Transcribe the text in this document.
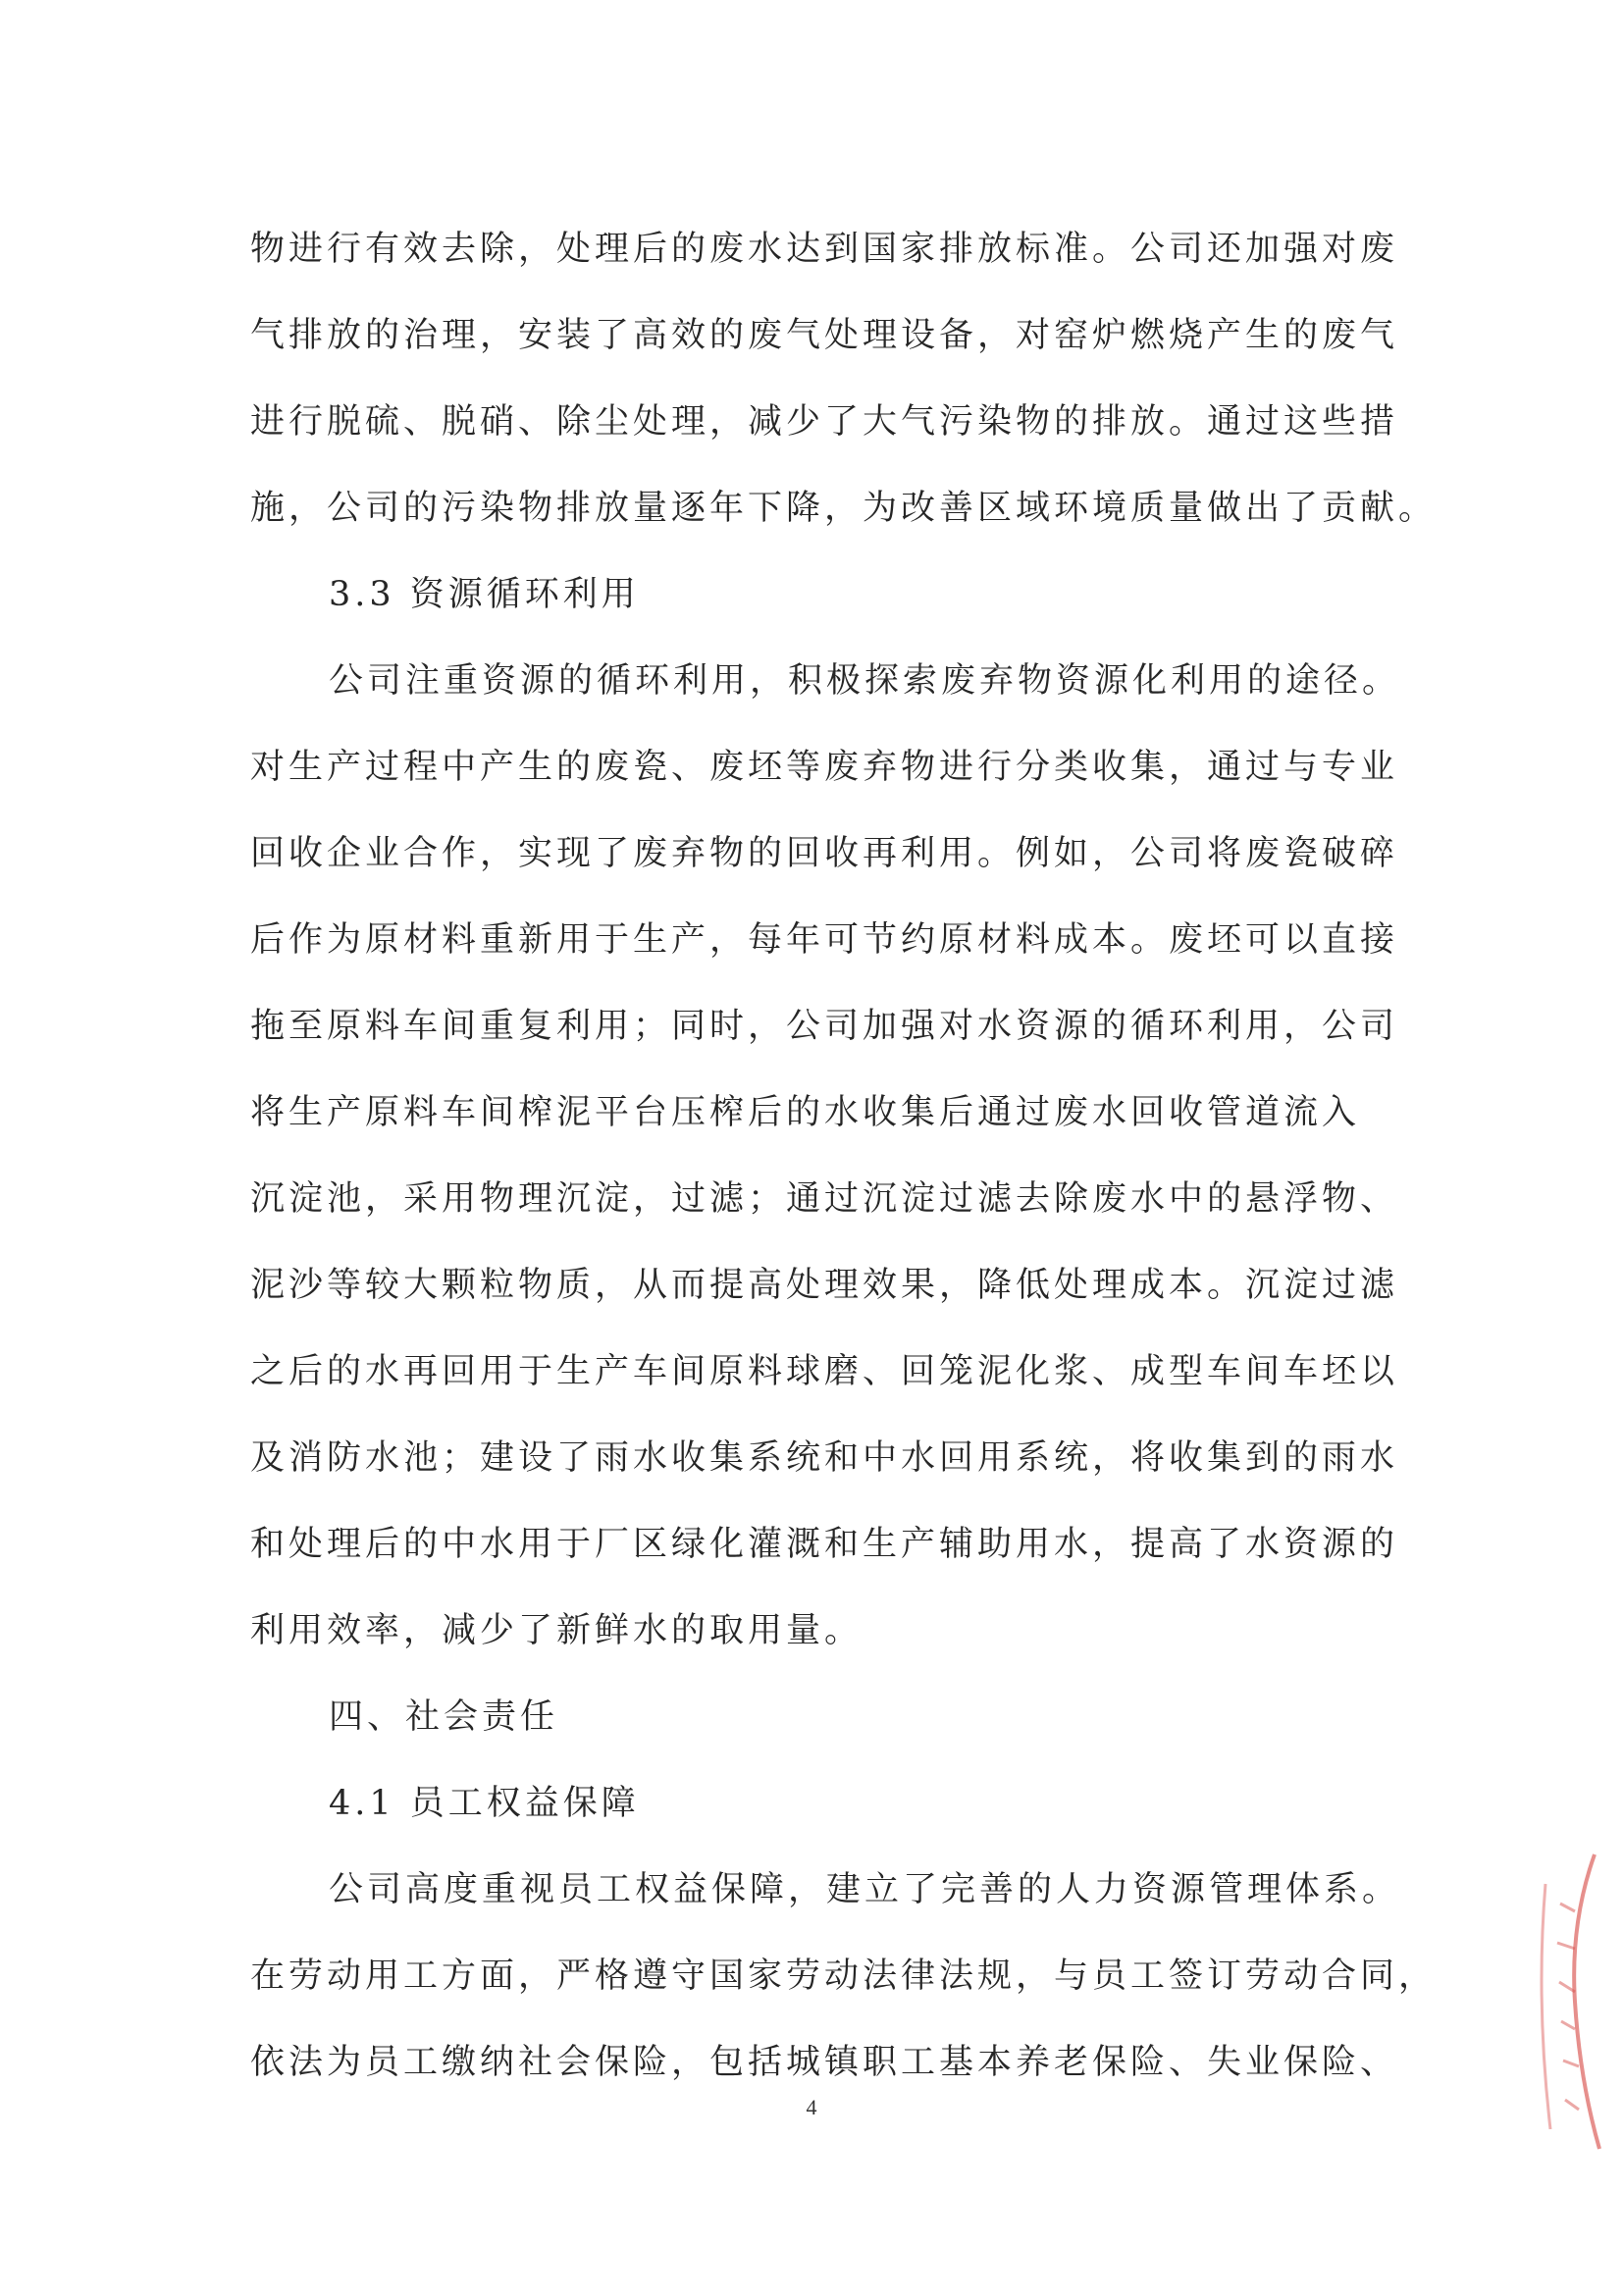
物进行有效去除，处理后的废水达到国家排放标准。公司还加强对废
气排放的治理，安装了高效的废气处理设备，对窑炉燃烧产生的废气
进行脱硫、脱硝、除尘处理，减少了大气污染物的排放。通过这些措
施，公司的污染物排放量逐年下降，为改善区域环境质量做出了贡献。
3.3 资源循环利用
公司注重资源的循环利用，积极探索废弃物资源化利用的途径。
对生产过程中产生的废瓷、废坯等废弃物进行分类收集，通过与专业
回收企业合作，实现了废弃物的回收再利用。例如，公司将废瓷破碎
后作为原材料重新用于生产，每年可节约原材料成本。废坯可以直接
拖至原料车间重复利用；同时，公司加强对水资源的循环利用，公司
将生产原料车间榨泥平台压榨后的水收集后通过废水回收管道流入
沉淀池，采用物理沉淀，过滤；通过沉淀过滤去除废水中的悬浮物、
泥沙等较大颗粒物质，从而提高处理效果，降低处理成本。沉淀过滤
之后的水再回用于生产车间原料球磨、回笼泥化浆、成型车间车坯以
及消防水池；建设了雨水收集系统和中水回用系统，将收集到的雨水
和处理后的中水用于厂区绿化灌溉和生产辅助用水，提高了水资源的
利用效率，减少了新鲜水的取用量。
四、社会责任
4.1 员工权益保障
公司高度重视员工权益保障，建立了完善的人力资源管理体系。
在劳动用工方面，严格遵守国家劳动法律法规，与员工签订劳动合同，
依法为员工缴纳社会保险，包括城镇职工基本养老保险、失业保险、
4
